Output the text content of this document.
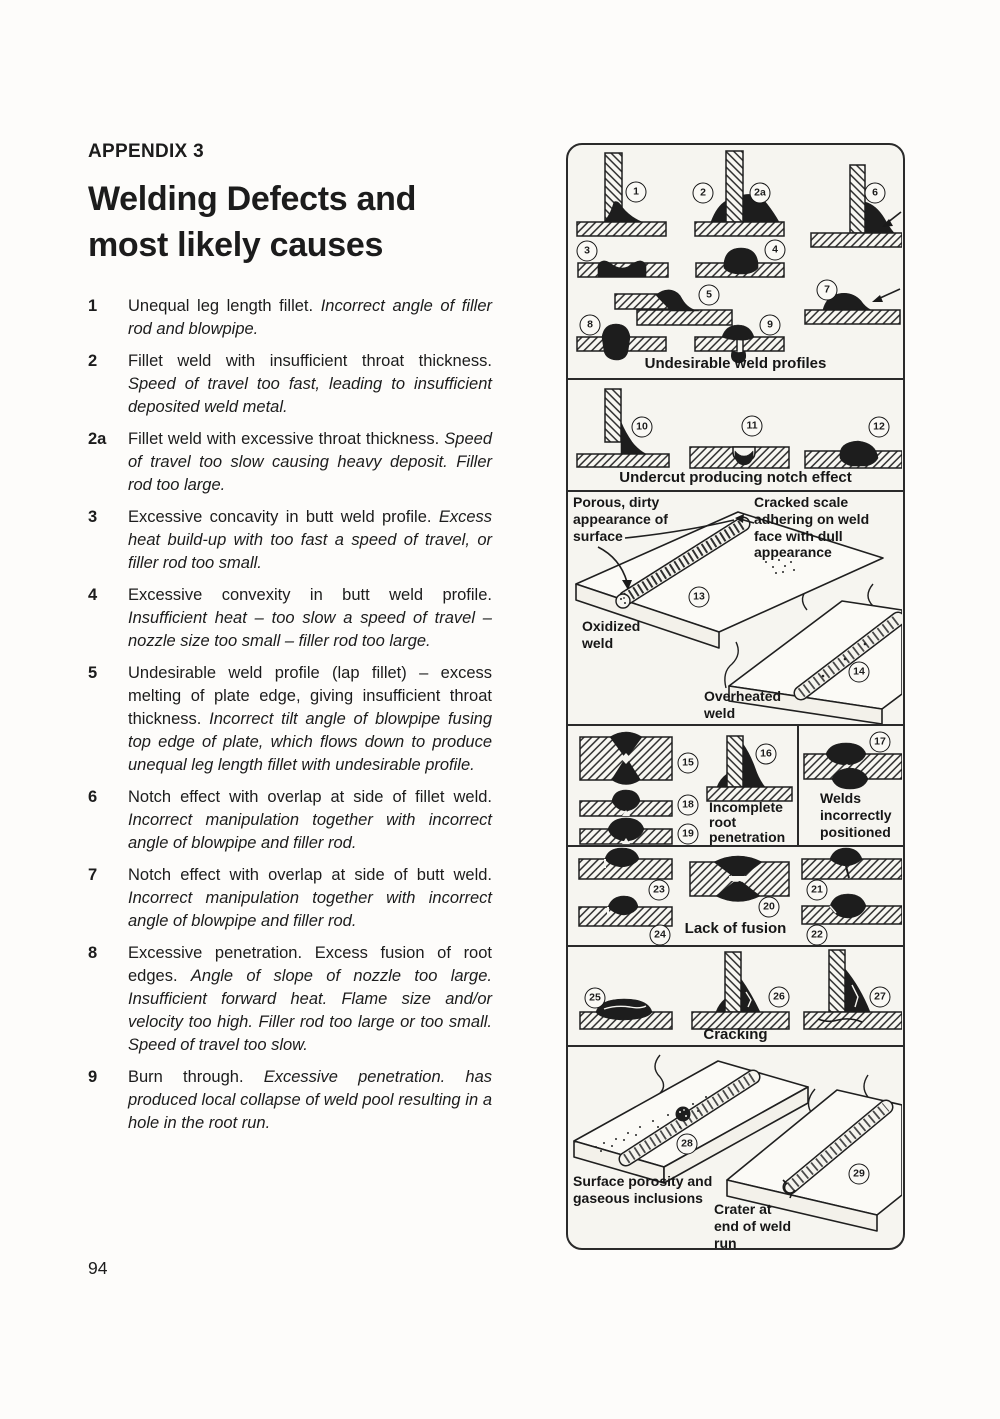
APPENDIX 3
Welding Defects and
most likely causes
1	Unequal leg length fillet. Incorrect angle of filler rod and blowpipe.
2	Fillet weld with insufficient throat thickness. Speed of travel too fast, leading to insufficient deposited weld metal.
2a	Fillet weld with excessive throat thickness. Speed of travel too slow causing heavy deposit. Filler rod too large.
3	Excessive concavity in butt weld profile. Excess heat build-up with too fast a speed of travel, or filler rod too small.
4	Excessive convexity in butt weld profile. Insufficient heat – too slow a speed of travel – nozzle size too small – filler rod too large.
5	Undesirable weld profile (lap fillet) – excess melting of plate edge, giving insufficient throat thickness. Incorrect tilt angle of blowpipe fusing top edge of plate, which flows down to produce unequal leg length fillet with undesirable profile.
6	Notch effect with overlap at side of fillet weld. Incorrect manipulation together with incorrect angle of blowpipe and filler rod.
7	Notch effect with overlap at side of butt weld. Incorrect manipulation together with incorrect angle of blowpipe and filler rod.
8	Excessive penetration. Excess fusion of root edges. Angle of slope of nozzle too large. Insufficient forward heat. Flame size and/or velocity too high. Filler rod too large or too small. Speed of travel too slow.
9	Burn through. Excessive penetration. has produced local collapse of weld pool resulting in a hole in the root run.
94
1	2	2a	6
3	4
5	7
8	9
Undesirable weld profiles
10	11	12
Undercut producing notch effect
Porous, dirty appearance of surface
Cracked scale adhering on weld face with dull appearance
Oxidized weld
Overheated weld
13
14
15
16
17
18
19
Incomplete root penetration
Welds incorrectly positioned
23
20
21
24	22
Lack of fusion
25	26	27
Cracking
28
29
Surface porosity and gaseous inclusions
Crater at end of weld run
